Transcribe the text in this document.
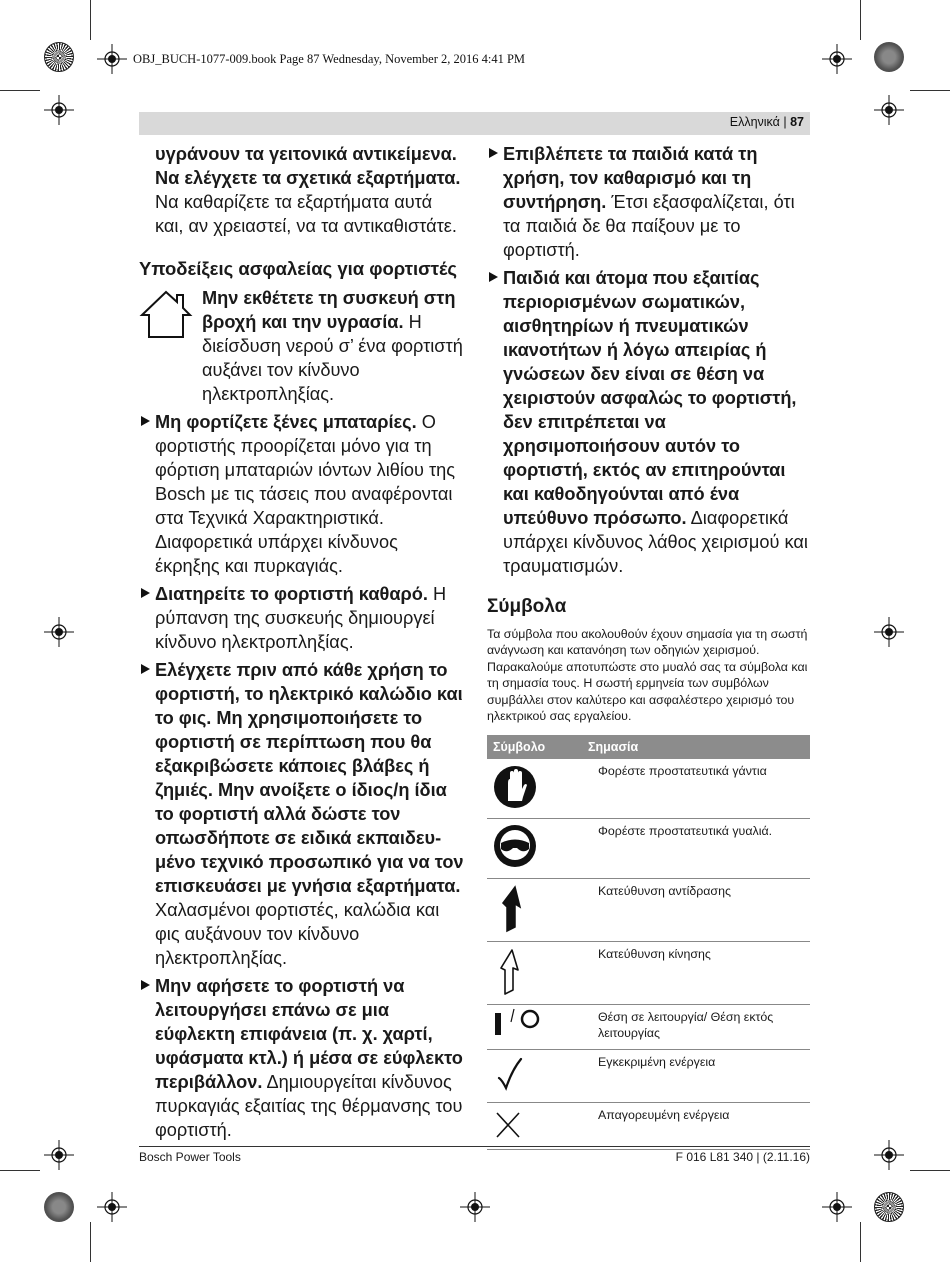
OBJ_BUCH-1077-009.book Page 87 Wednesday, November 2, 2016 4:41 PM
Ελληνικά | 87

υγράνουν τα γειτονικά αντικείμενα. Να ελέγχετε τα σχετικά εξαρτήματα. Να καθαρίζετε τα εξαρτήματα αυτά και, αν χρειαστεί, να τα αντικαθιστάτε.

Υποδείξεις ασφαλείας για φορτιστές

Μην εκθέτετε τη συσκευή στη βροχή και την υγρασία. Η διείσδυση νερού σ’ ένα φορτιστή αυξάνει τον κίνδυνο ηλεκτροπληξίας.

Μη φορτίζετε ξένες μπαταρίες. Ο φορτιστής προορίζεται μόνο για τη φόρτιση μπαταριών ιόντων λιθίου της Bosch με τις τάσεις που αναφέρονται στα Τεχνικά Χαρακτηριστικά. Διαφορετικά υπάρχει κίνδυνος έκρηξης και πυρκαγιάς.

Διατηρείτε το φορτιστή καθαρό. Η ρύπανση της συσκευής δημιουργεί κίνδυνο ηλεκτροπληξίας.

Ελέγχετε πριν από κάθε χρήση το φορτιστή, το ηλεκτρικό καλώδιο και το φις. Μη χρησιμοποιήσετε το φορτιστή σε περίπτωση που θα εξακριβώσετε κάποιες βλάβες ή ζημιές. Μην ανοίξετε ο ίδιος/η ίδια το φορτιστή αλλά δώστε τον οπωσδήποτε σε ειδικά εκπαιδευ-μένο τεχνικό προσωπικό για να τον επισκευάσει με γνήσια εξαρτήματα. Χαλασμένοι φορτιστές, καλώδια και φις αυξάνουν τον κίνδυνο ηλεκτροπληξίας.

Μην αφήσετε το φορτιστή να λειτουργήσει επάνω σε μια εύφλεκτη επιφάνεια (π. χ. χαρτί, υφάσματα κτλ.) ή μέσα σε εύφλεκτο περιβάλλον. Δημιουργείται κίνδυνος πυρκαγιάς εξαιτίας της θέρμανσης του φορτιστή.

Επιβλέπετε τα παιδιά κατά τη χρήση, τον καθαρισμό και τη συντήρηση. Έτσι εξασφαλίζεται, ότι τα παιδιά δε θα παίξουν με το φορτιστή.

Παιδιά και άτομα που εξαιτίας περιορισμένων σωματικών, αισθητηρίων ή πνευματικών ικανοτήτων ή λόγω απειρίας ή γνώσεων δεν είναι σε θέση να χειριστούν ασφαλώς το φορτιστή, δεν επιτρέπεται να χρησιμοποιήσουν αυτόν το φορτιστή, εκτός αν επιτηρούνται και καθοδηγούνται από ένα υπεύθυνο πρόσωπο. Διαφορετικά υπάρχει κίνδυνος λάθος χειρισμού και τραυματισμών.

Σύμβολα

Τα σύμβολα που ακολουθούν έχουν σημασία για τη σωστή ανάγνωση και κατανόηση των οδηγιών χειρισμού. Παρακαλούμε αποτυπώστε στο μυαλό σας τα σύμβολα και τη σημασία τους. Η σωστή ερμηνεία των συμβόλων συμβάλλει στον καλύτερο και ασφαλέστερο χειρισμό του ηλεκτρικού σας εργαλείου.

Σύμβολο	Σημασία
	Φορέστε προστατευτικά γάντια
	Φορέστε προστατευτικά γυαλιά.
	Κατεύθυνση αντίδρασης
	Κατεύθυνση κίνησης
	Θέση σε λειτουργία/ Θέση εκτός λειτουργίας
	Εγκεκριμένη ενέργεια
	Απαγορευμένη ενέργεια
Bosch Power Tools	F 016 L81 340 | (2.11.16)
